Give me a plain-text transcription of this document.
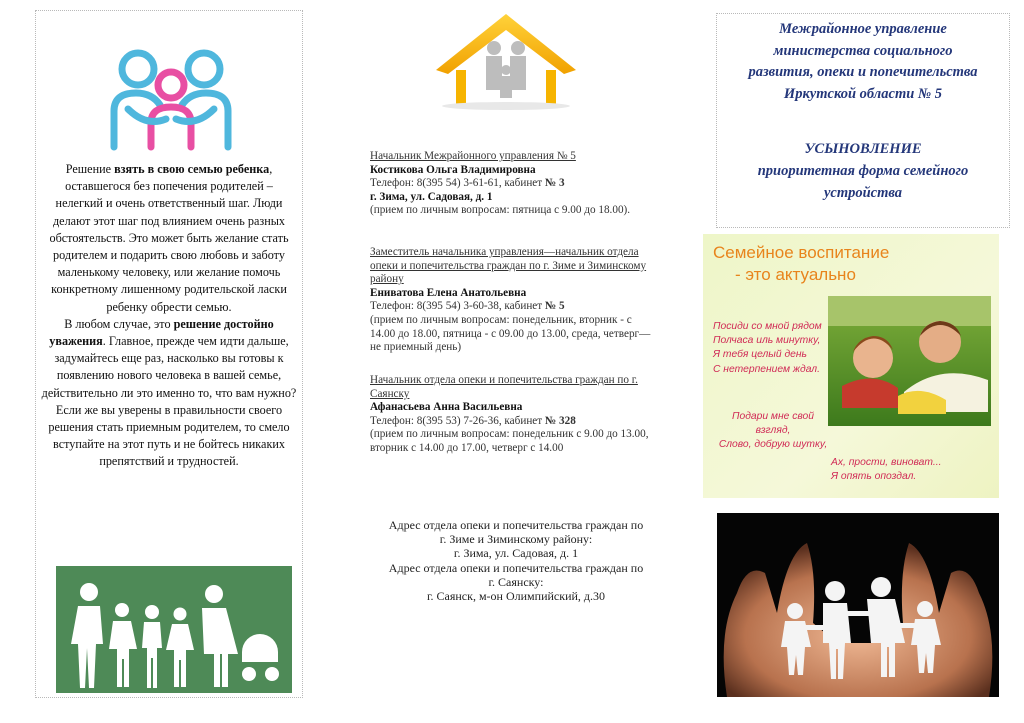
Решение взять в свою семью ребенка, оставшегося без попечения родителей – нелегкий и очень ответственный шаг. Люди делают этот шаг под влиянием очень разных обстоятельств. Это может быть желание стать родителем и подарить свою любовь и заботу маленькому человеку, или желание помочь конкретному лишенному родительской ласки ребенку обрести семью.
В любом случае, это решение достойно уважения. Главное, прежде чем идти дальше, задумайтесь еще раз, насколько вы готовы к появлению нового человека в вашей семье, действительно ли это именно то, что вам нужно? Если же вы уверены в правильности своего решения стать приемным родителем, то смело вступайте на этот путь и не бойтесь никаких препятствий и трудностей.
Начальник Межрайонного управления № 5
Костикова Ольга Владимировна
Телефон: 8(395 54) 3-61-61, кабинет № 3
г. Зима, ул. Садовая, д. 1
(прием по личным вопросам: пятница с 9.00 до 18.00).
Заместитель начальника управления—начальник отдела опеки и попечительства граждан по г. Зиме и Зиминскому району
Ениватова Елена Анатольевна
Телефон: 8(395 54) 3-60-38, кабинет № 5
(прием по личным вопросам: понедельник, вторник - с 14.00 до 18.00, пятница - с 09.00 до 13.00, среда, четверг—не приемный день)
Начальник отдела опеки и попечительства граждан по г. Саянску
Афанасьева Анна Васильевна
Телефон: 8(395 53) 7-26-36, кабинет № 328
(прием по личным вопросам: понедельник с 9.00 до 13.00, вторник с 14.00 до 17.00, четверг с 14.00
Адрес отдела опеки и попечительства граждан по
г. Зиме и Зиминскому району:
г. Зима, ул. Садовая, д. 1
Адрес отдела опеки и попечительства граждан по
г. Саянску:
г. Саянск, м-он Олимпийский, д.30
Межрайонное управление
министерства социального
развития, опеки и попечительства
Иркутской области № 5
УСЫНОВЛЕНИЕ
приоритетная форма семейного
устройства
Семейное воспитание
- это актуально
Посиди со мной рядом
Полчаса иль минутку,
Я тебя целый день
С нетерпением ждал.
Подари мне свой
взгляд,
Слово, добрую шутку,
Ах, прости, виноват...
Я опять опоздал.
